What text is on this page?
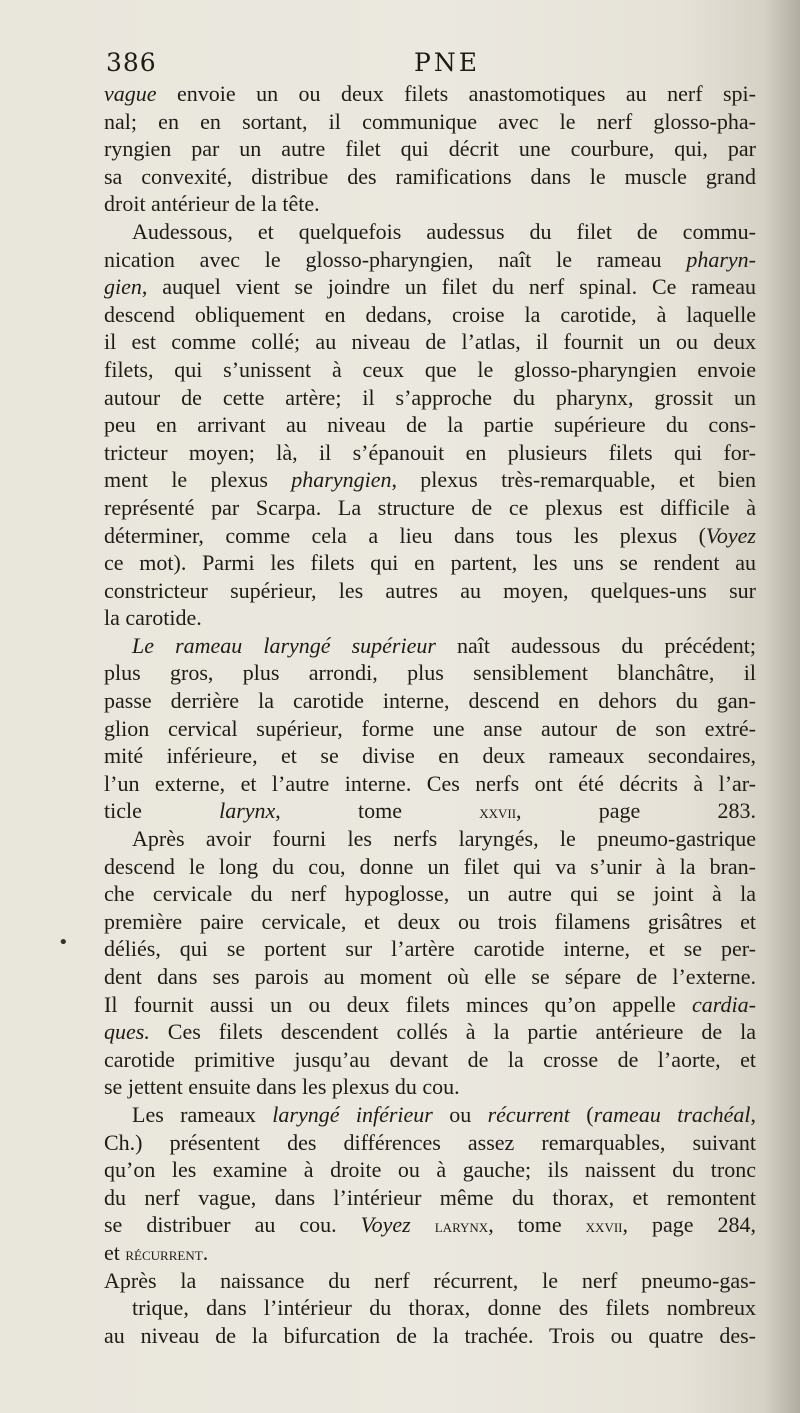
386	PNE
•
vague envoie un ou deux filets anastomotiques au nerf spi-
nal; en en sortant, il communique avec le nerf glosso-pha-
ryngien par un autre filet qui décrit une courbure, qui, par
sa convexité, distribue des ramifications dans le muscle grand
droit antérieur de la tête.
Audessous, et quelquefois audessus du filet de commu-
nication avec le glosso-pharyngien, naît le rameau pharyn-
gien, auquel vient se joindre un filet du nerf spinal. Ce rameau
descend obliquement en dedans, croise la carotide, à laquelle
il est comme collé; au niveau de l’atlas, il fournit un ou deux
filets, qui s’unissent à ceux que le glosso-pharyngien envoie
autour de cette artère; il s’approche du pharynx, grossit un
peu en arrivant au niveau de la partie supérieure du cons-
tricteur moyen; là, il s’épanouit en plusieurs filets qui for-
ment le plexus pharyngien, plexus très-remarquable, et bien
représenté par Scarpa. La structure de ce plexus est difficile à
déterminer, comme cela a lieu dans tous les plexus (Voyez
ce mot). Parmi les filets qui en partent, les uns se rendent au
constricteur supérieur, les autres au moyen, quelques-uns sur
la carotide.
Le rameau laryngé supérieur naît audessous du précédent;
plus gros, plus arrondi, plus sensiblement blanchâtre, il
passe derrière la carotide interne, descend en dehors du gan-
glion cervical supérieur, forme une anse autour de son extré-
mité inférieure, et se divise en deux rameaux secondaires,
l’un externe, et l’autre interne. Ces nerfs ont été décrits à l’ar-
ticle larynx, tome xxvii, page 283.
Après avoir fourni les nerfs laryngés, le pneumo-gastrique
descend le long du cou, donne un filet qui va s’unir à la bran-
che cervicale du nerf hypoglosse, un autre qui se joint à la
première paire cervicale, et deux ou trois filamens grisâtres et
déliés, qui se portent sur l’artère carotide interne, et se per-
dent dans ses parois au moment où elle se sépare de l’externe.
Il fournit aussi un ou deux filets minces qu’on appelle cardia-
ques. Ces filets descendent collés à la partie antérieure de la
carotide primitive jusqu’au devant de la crosse de l’aorte, et
se jettent ensuite dans les plexus du cou.
Les rameaux laryngé inférieur ou récurrent (rameau trachéal,
Ch.) présentent des différences assez remarquables, suivant
qu’on les examine à droite ou à gauche; ils naissent du tronc
du nerf vague, dans l’intérieur même du thorax, et remontent
se distribuer au cou. Voyez larynx, tome xxvii, page 284,
et récurrent.
Après la naissance du nerf récurrent, le nerf pneumo-gas-
trique, dans l’intérieur du thorax, donne des filets nombreux
au niveau de la bifurcation de la trachée. Trois ou quatre des-
